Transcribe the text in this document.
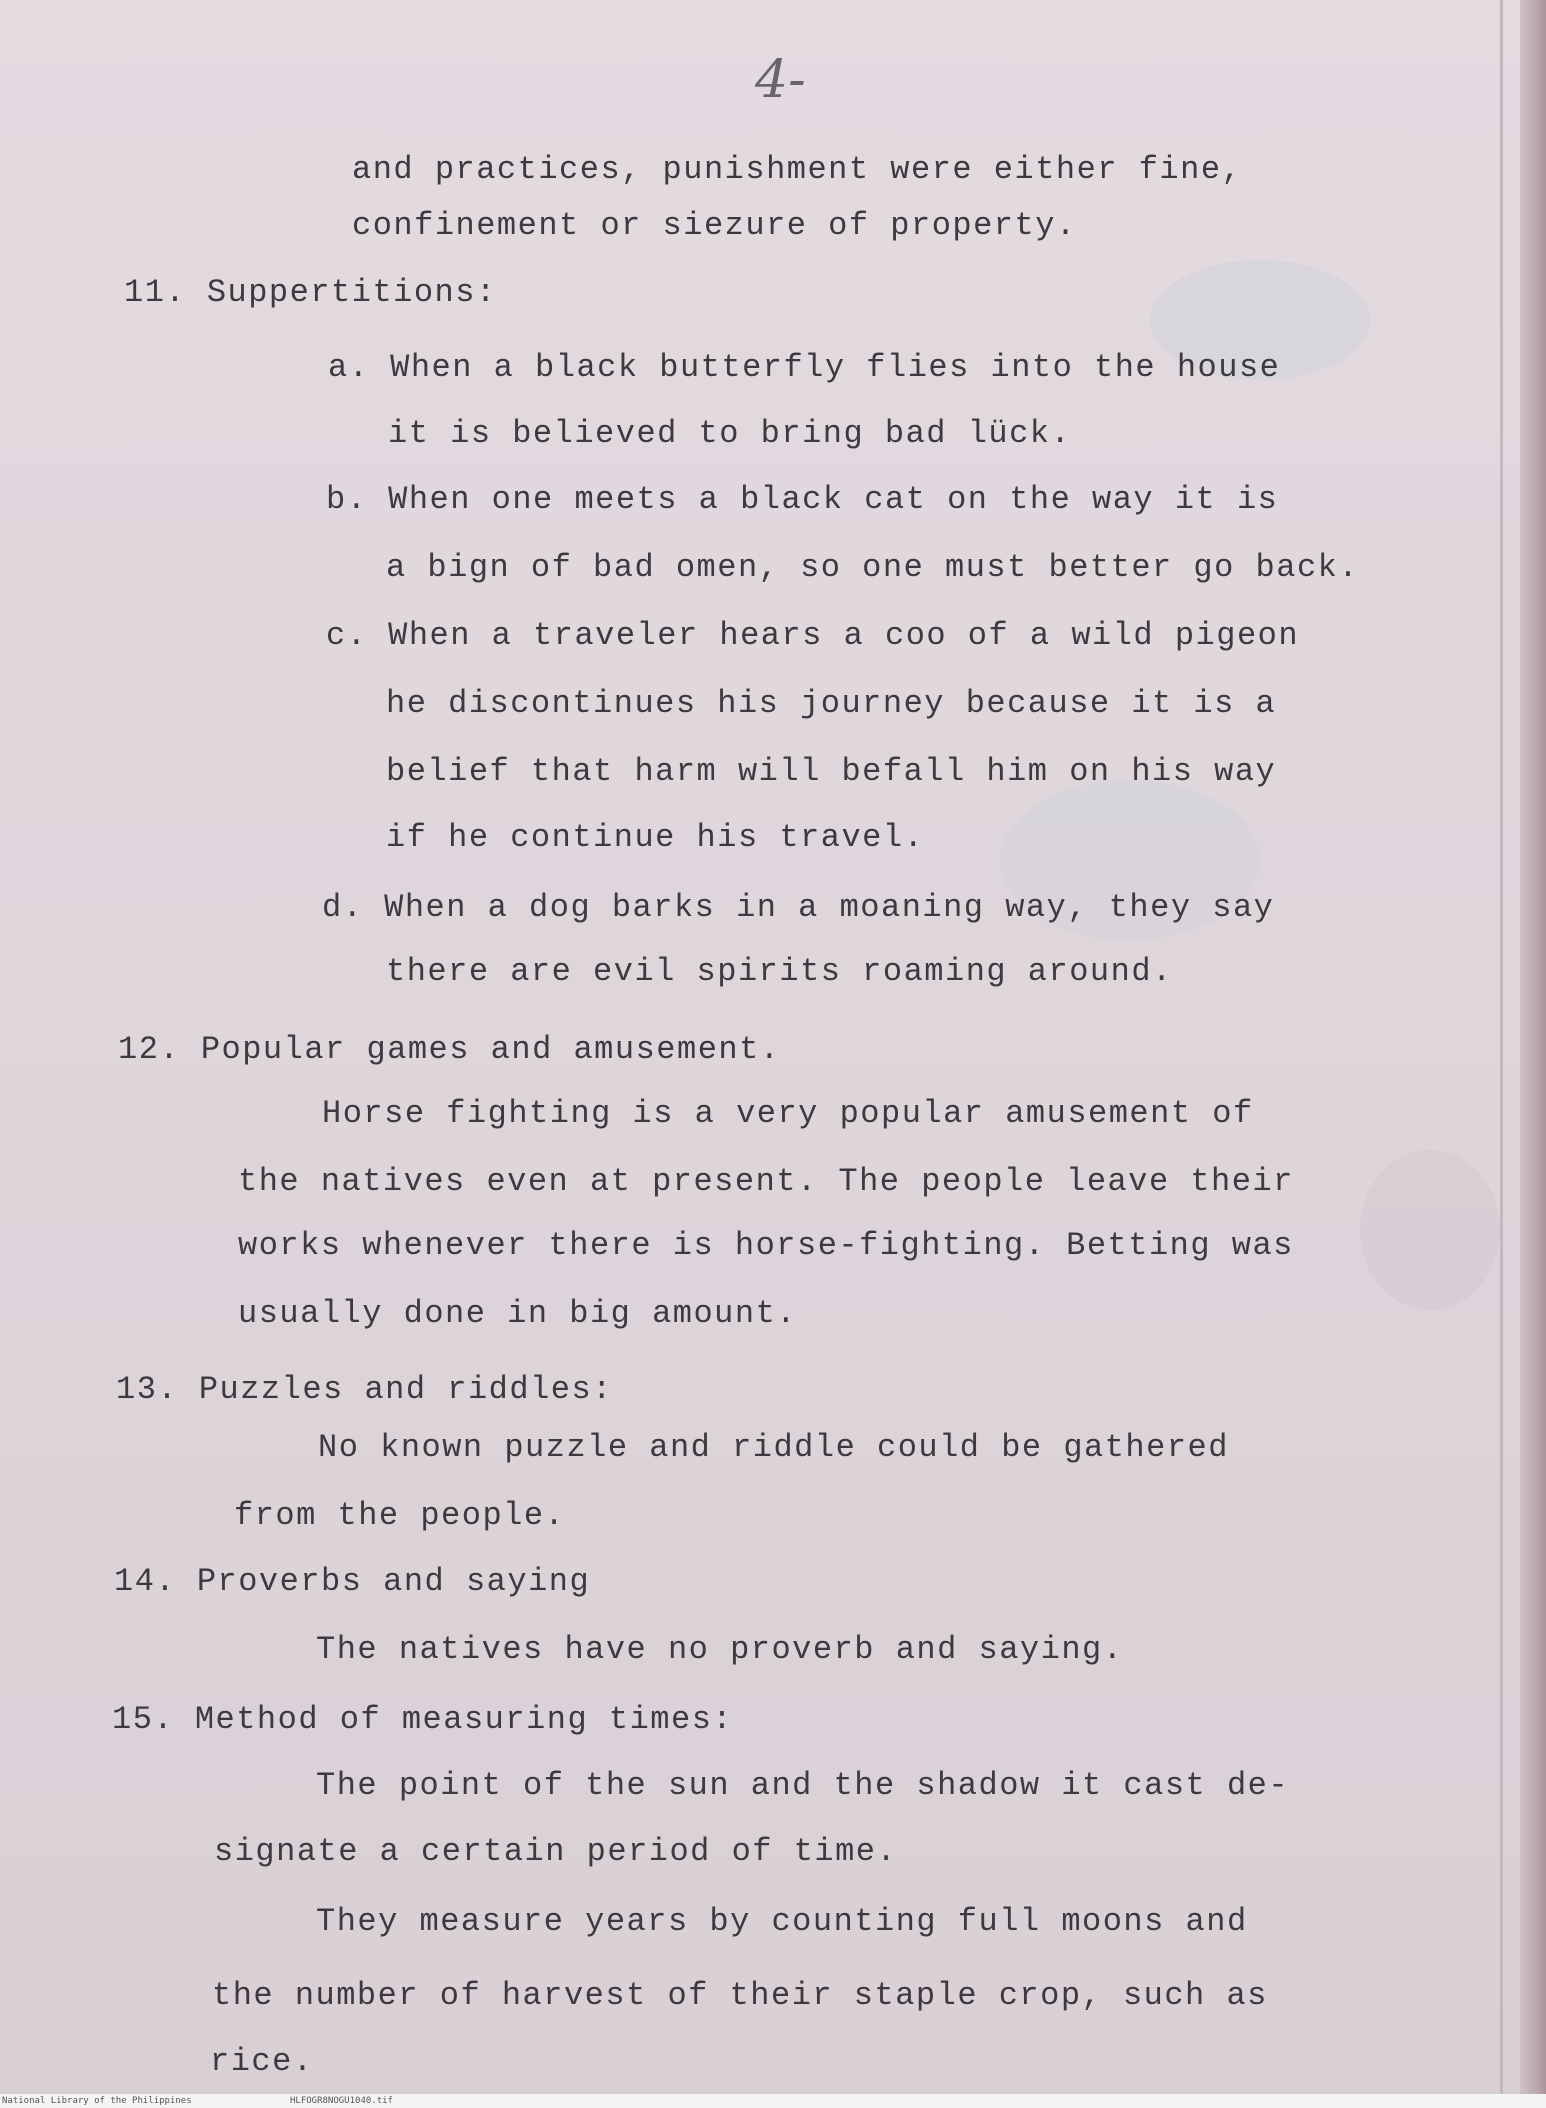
4-
and practices, punishment were either fine,
confinement or siezure of property.
11. Suppertitions:
a. When a black butterfly flies into the house
it is believed to bring bad lück.
b. When one meets a black cat on the way it is
a bign of bad omen, so one must better go back.
c. When a traveler hears a coo of a wild pigeon
he discontinues his journey because it is a
belief that harm will befall him on his way
if he continue his travel.
d. When a dog barks in a moaning way, they say
there are evil spirits roaming around.
12. Popular games and amusement.
Horse fighting is a very popular amusement of
the natives even at present. The people leave their
works whenever there is horse-fighting. Betting was
usually done in big amount.
13. Puzzles and riddles:
No known puzzle and riddle could be gathered
from the people.
14. Proverbs and saying
The natives have no proverb and saying.
15. Method of measuring times:
The point of the sun and the shadow it cast de-
signate a certain period of time.
They measure years by counting full moons and
the number of harvest of their staple crop, such as
rice.
National Library of the Philippines	HLFOGR8NOGU1040.tif
